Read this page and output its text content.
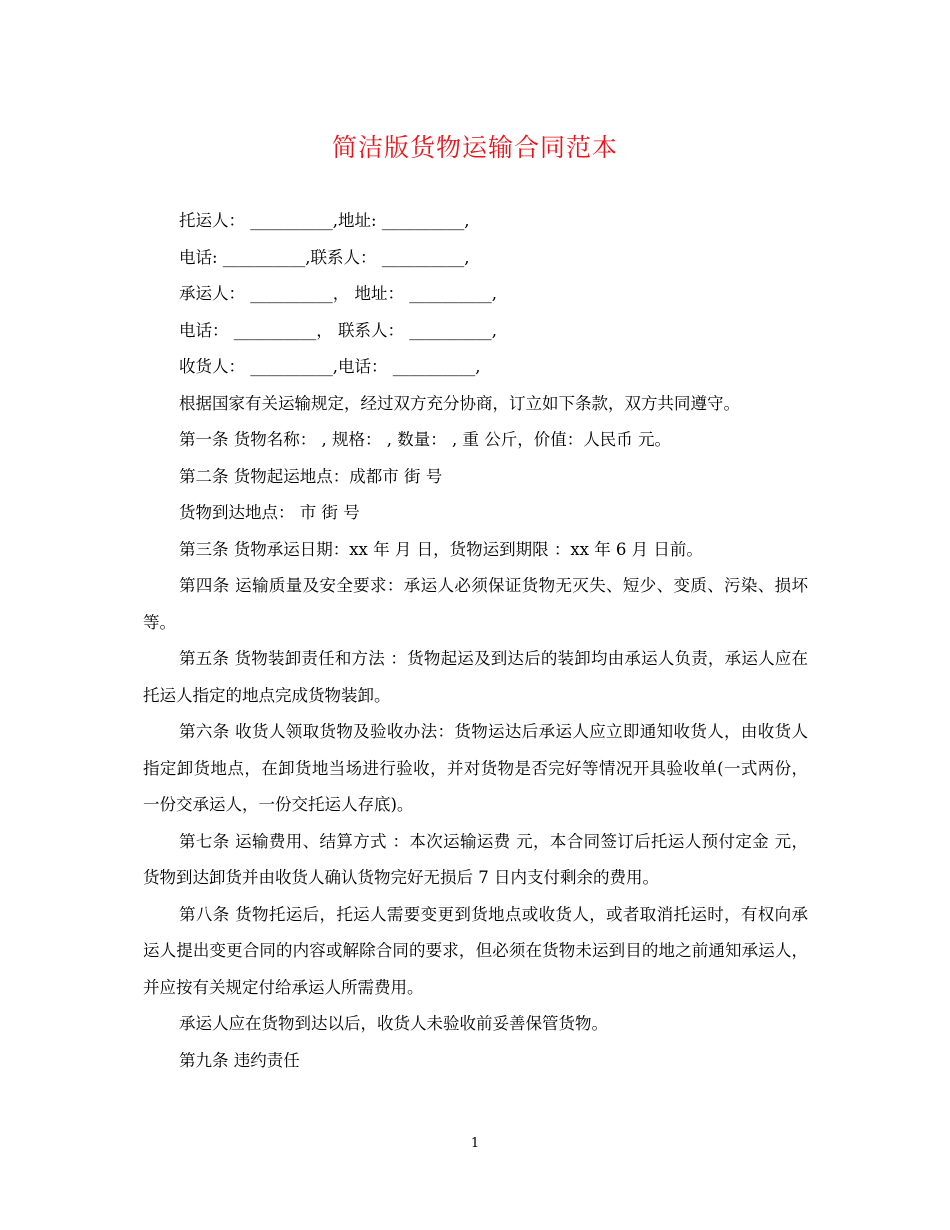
简洁版货物运输合同范本
托运人： __________,地址: __________,
电话: __________,联系人： __________,
承运人： __________， 地址： __________,
电话： __________， 联系人： __________,
收货人： __________,电话： __________,
根据国家有关运输规定，经过双方充分协商，订立如下条款，双方共同遵守。
第一条 货物名称： , 规格： , 数量： , 重 公斤，价值：人民币 元。
第二条 货物起运地点：成都市 街 号
货物到达地点： 市 街 号
第三条 货物承运日期：xx 年 月 日，货物运到期限 ：xx 年 6 月 日前。
第四条 运输质量及安全要求：承运人必须保证货物无灭失、短少、变质、污染、损坏等。
第五条 货物装卸责任和方法 ：货物起运及到达后的装卸均由承运人负责，承运人应在托运人指定的地点完成货物装卸。
第六条 收货人领取货物及验收办法：货物运达后承运人应立即通知收货人，由收货人指定卸货地点，在卸货地当场进行验收，并对货物是否完好等情况开具验收单(一式两份，一份交承运人，一份交托运人存底)。
第七条 运输费用、结算方式 ：本次运输运费 元，本合同签订后托运人预付定金 元，货物到达卸货并由收货人确认货物完好无损后 7 日内支付剩余的费用。
第八条 货物托运后，托运人需要变更到货地点或收货人，或者取消托运时，有权向承运人提出变更合同的内容或解除合同的要求，但必须在货物未运到目的地之前通知承运人，并应按有关规定付给承运人所需费用。
承运人应在货物到达以后，收货人未验收前妥善保管货物。
第九条 违约责任
1
